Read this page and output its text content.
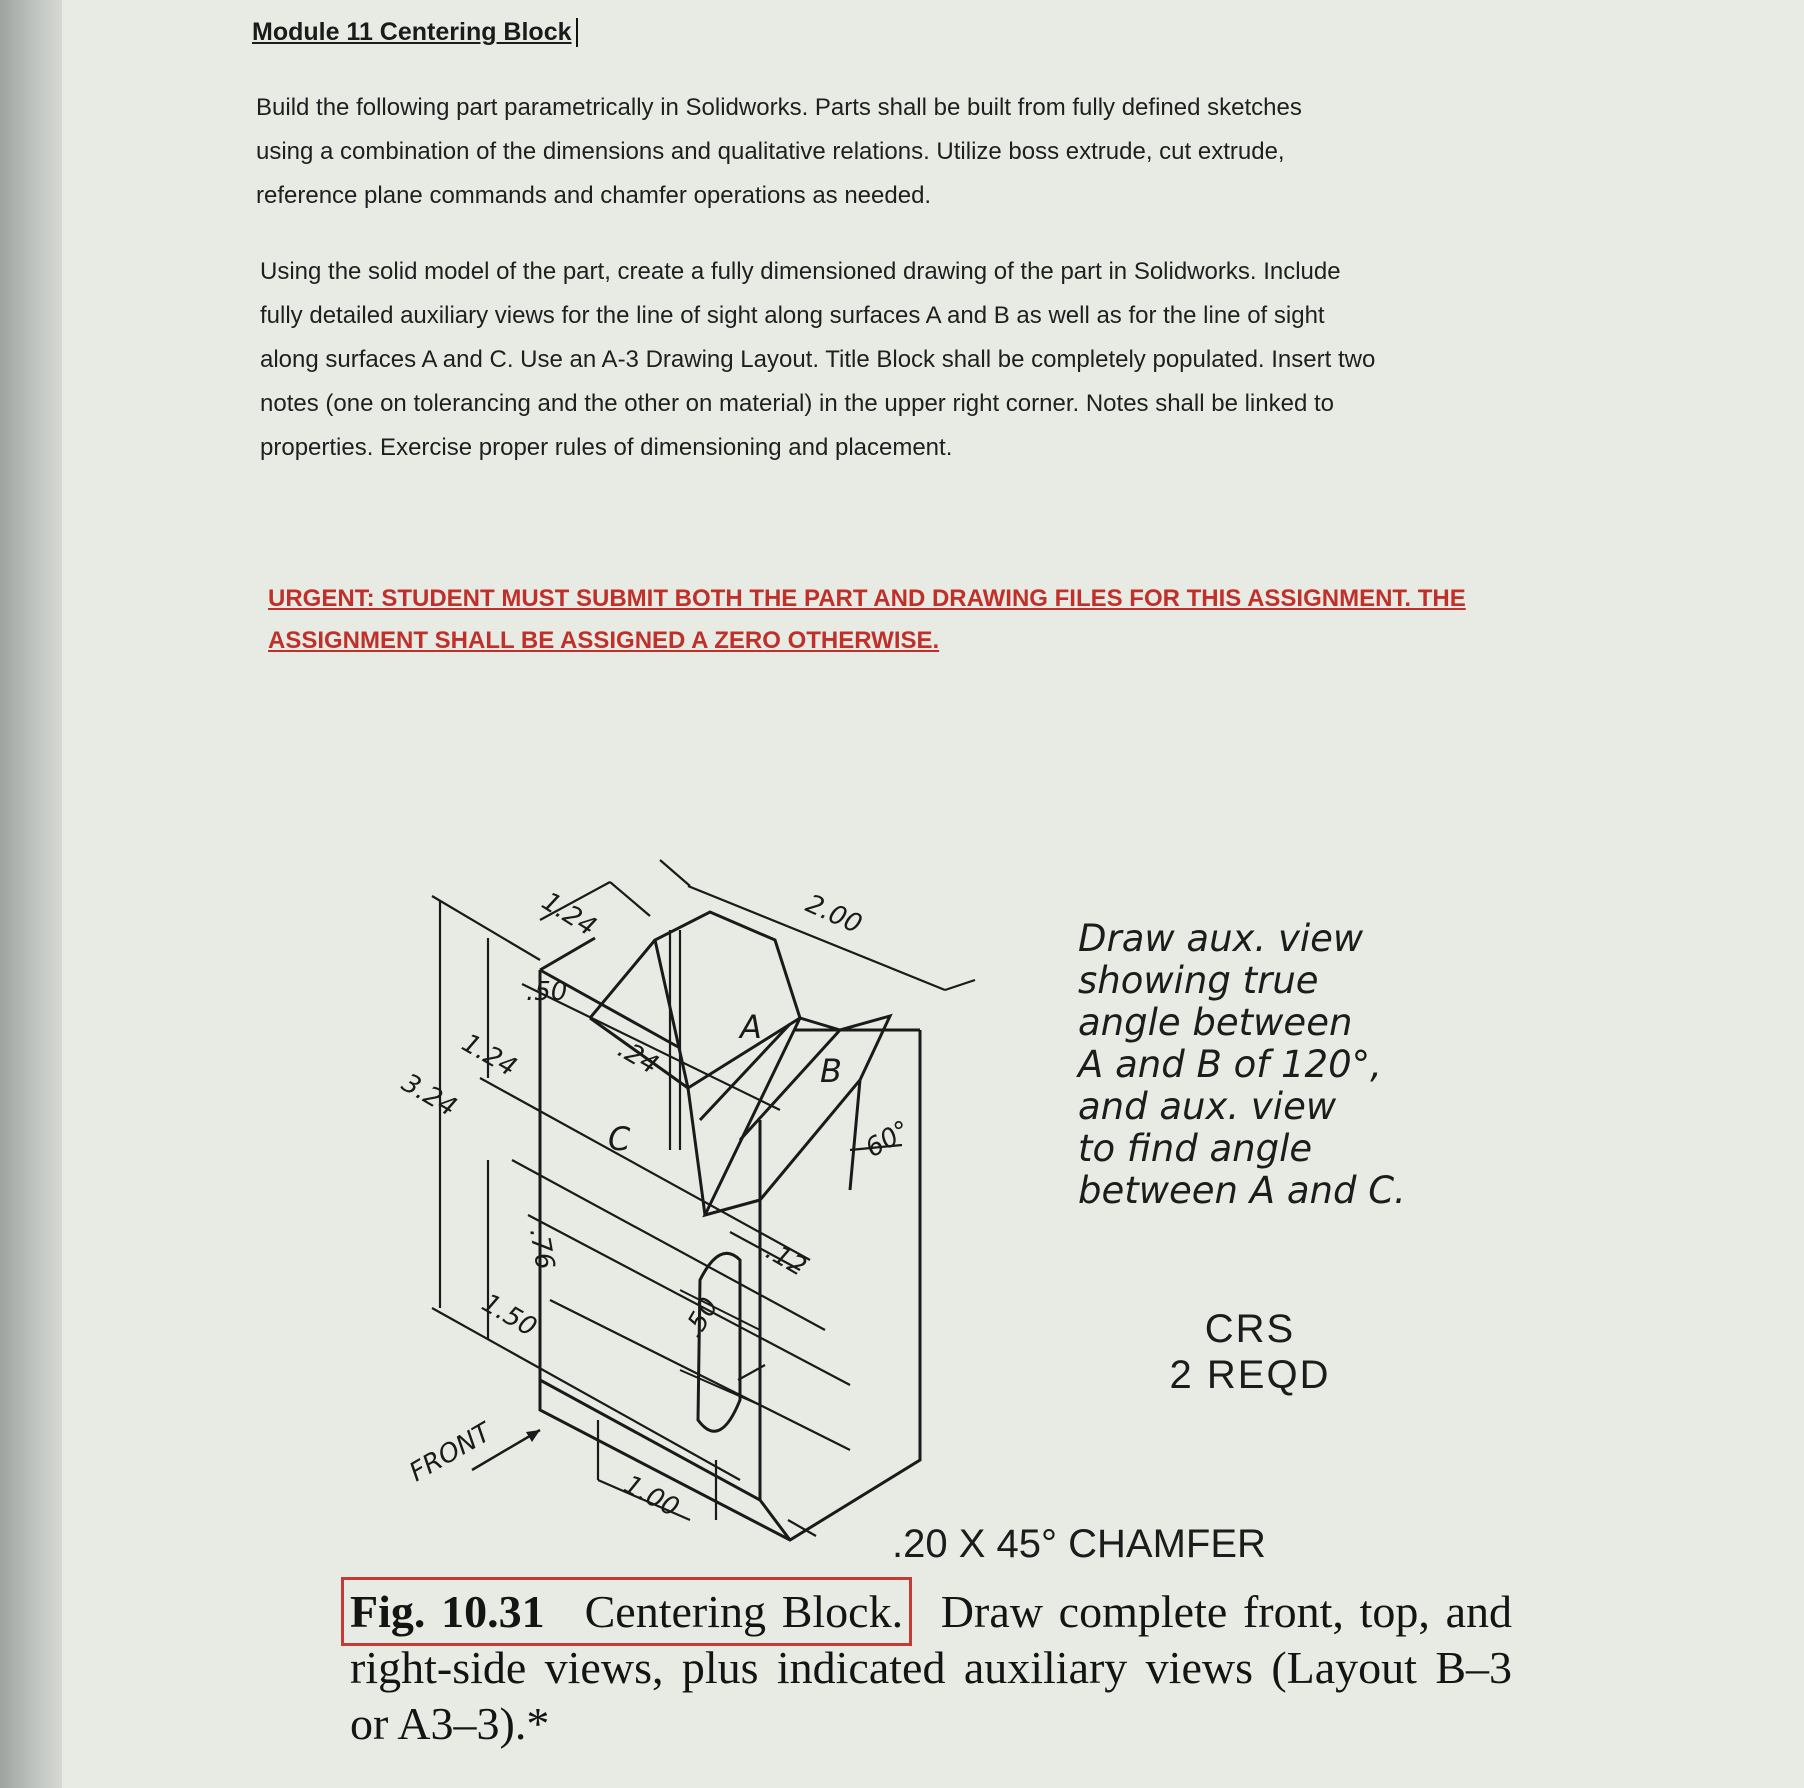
Module 11 Centering Block
Build the following part parametrically in Solidworks. Parts shall be built from fully defined sketches
using a combination of the dimensions and qualitative relations. Utilize boss extrude, cut extrude,
reference plane commands and chamfer operations as needed.
Using the solid model of the part, create a fully dimensioned drawing of the part in Solidworks. Include
fully detailed auxiliary views for the line of sight along surfaces A and B as well as for the line of sight
along surfaces A and C. Use an A-3 Drawing Layout. Title Block shall be completely populated. Insert two
notes (one on tolerancing and the other on material) in the upper right corner. Notes shall be linked to
properties. Exercise proper rules of dimensioning and placement.

URGENT: STUDENT MUST SUBMIT BOTH THE PART AND DRAWING FILES FOR THIS ASSIGNMENT. THE ASSIGNMENT SHALL BE ASSIGNED A ZERO OTHERWISE.

1.24	2.00
.50
1.24
3.24
.24
.76
1.50
.12
.50
1.00
60°
A
B
C
FRONT
Draw aux. view
showing true
angle between
A and B of 120°,
and aux. view
to find angle
between A and C.
CRS
2 REQD
.20 X 45° CHAMFER

Fig. 10.31 Centering Block. Draw complete front, top, and right-side views, plus indicated auxiliary views (Layout B–3 or A3–3).*
